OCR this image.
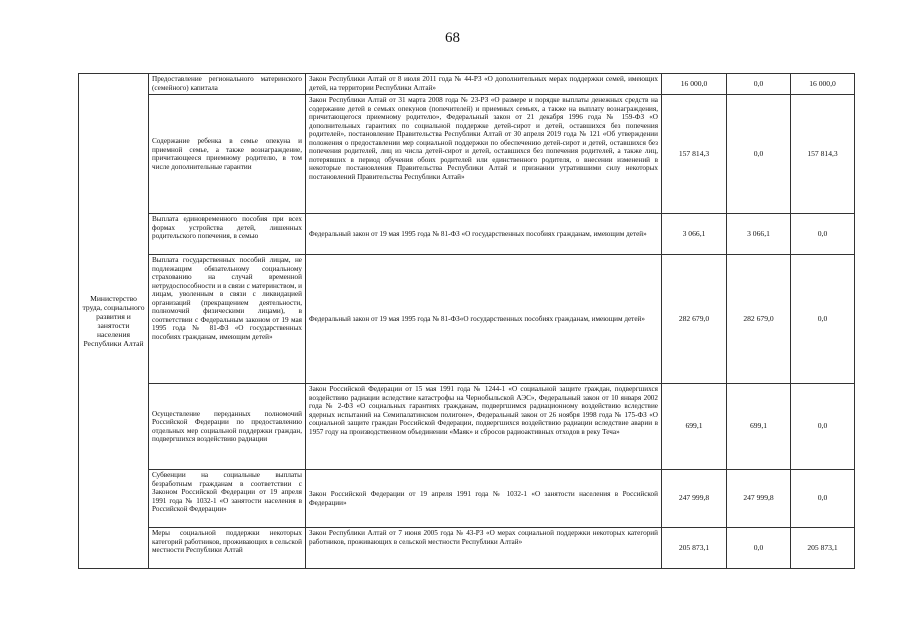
68
Министерство труда, социального развития и занятости населения Республики Алтай	Предоставление регионального материнского (семейного) капитала	Закон Республики Алтай от 8 июля 2011 года № 44-РЗ «О дополнительных мерах поддержки семей, имеющих детей, на территории Республики Алтай»	16 000,0	0,0	16 000,0
	Содержание ребенка в семье опекуна и приемной семье, а также вознаграждение, причитающееся приемному родителю, в том числе дополнительные гарантии	Закон Республики Алтай от 31 марта 2008 года № 23-РЗ «О размере и порядке выплаты денежных средств на содержание детей в семьях опекунов (попечителей) и приемных семьях, а также на выплату вознаграждения, причитающегося приемному родителю», Федеральный закон от 21 декабря 1996 года № 159-ФЗ «О дополнительных гарантиях по социальной поддержке детей-сирот и детей, оставшихся без попечения родителей», постановление Правительства Республики Алтай от 30 апреля 2019 года № 121 «Об утверждении положения о предоставлении мер социальной поддержки по обеспечению детей-сирот и детей, оставшихся без попечения родителей, лиц из числа детей-сирот и детей, оставшихся без попечения родителей, а также лиц, потерявших в период обучения обоих родителей или единственного родителя, о внесении изменений в некоторые постановления Правительства Республики Алтай и признании утратившими силу некоторых постановлений Правительства Республики Алтай»	157 814,3	0,0	157 814,3
	Выплата единовременного пособия при всех формах устройства детей, лишенных родительского попечения, в семью	Федеральный закон от 19 мая 1995 года № 81-ФЗ «О государственных пособиях гражданам, имеющим детей»	3 066,1	3 066,1	0,0
	Выплата государственных пособий лицам, не подлежащим обязательному социальному страхованию на случай временной нетрудоспособности и в связи с материнством, и лицам, уволенным в связи с ликвидацией организаций (прекращением деятельности, полномочий физическими лицами), в соответствии с Федеральным законом от 19 мая 1995 года № 81-ФЗ «О государственных пособиях гражданам, имеющим детей»	Федеральный закон от 19 мая 1995 года № 81-ФЗ«О государственных пособиях гражданам, имеющим детей»	282 679,0	282 679,0	0,0
	Осуществление переданных полномочий Российской Федерации по предоставлению отдельных мер социальной поддержки граждан, подвергшихся воздействию радиации	Закон Российской Федерации от 15 мая 1991 года № 1244-1 «О социальной защите граждан, подвергшихся воздействию радиации вследствие катастрофы на Чернобыльской АЭС», Федеральный закон от 10 января 2002 года № 2-ФЗ «О социальных гарантиях гражданам, подвергшимся радиационному воздействию вследствие ядерных испытаний на Семипалатинском полигоне», Федеральный закон от 26 ноября 1998 года № 175-ФЗ «О социальной защите граждан Российской Федерации, подвергшихся воздействию радиации вследствие аварии в 1957 году на производственном объединении «Маяк» и сбросов радиоактивных отходов в реку Теча»	699,1	699,1	0,0
	Субвенции на социальные выплаты безработным гражданам в соответствии с Законом Российской Федерации от 19 апреля 1991 года № 1032-1 «О занятости населения в Российской Федерации»	Закон Российской Федерации от 19 апреля 1991 года № 1032-1 «О занятости населения в Российской Федерации»	247 999,8	247 999,8	0,0
	Меры социальной поддержки некоторых категорий работников, проживающих в сельской местности Республики Алтай	Закон Республики Алтай от 7 июня 2005 года № 43-РЗ «О мерах социальной поддержки некоторых категорий работников, проживающих в сельской местности Республики Алтай»	205 873,1	0,0	205 873,1
